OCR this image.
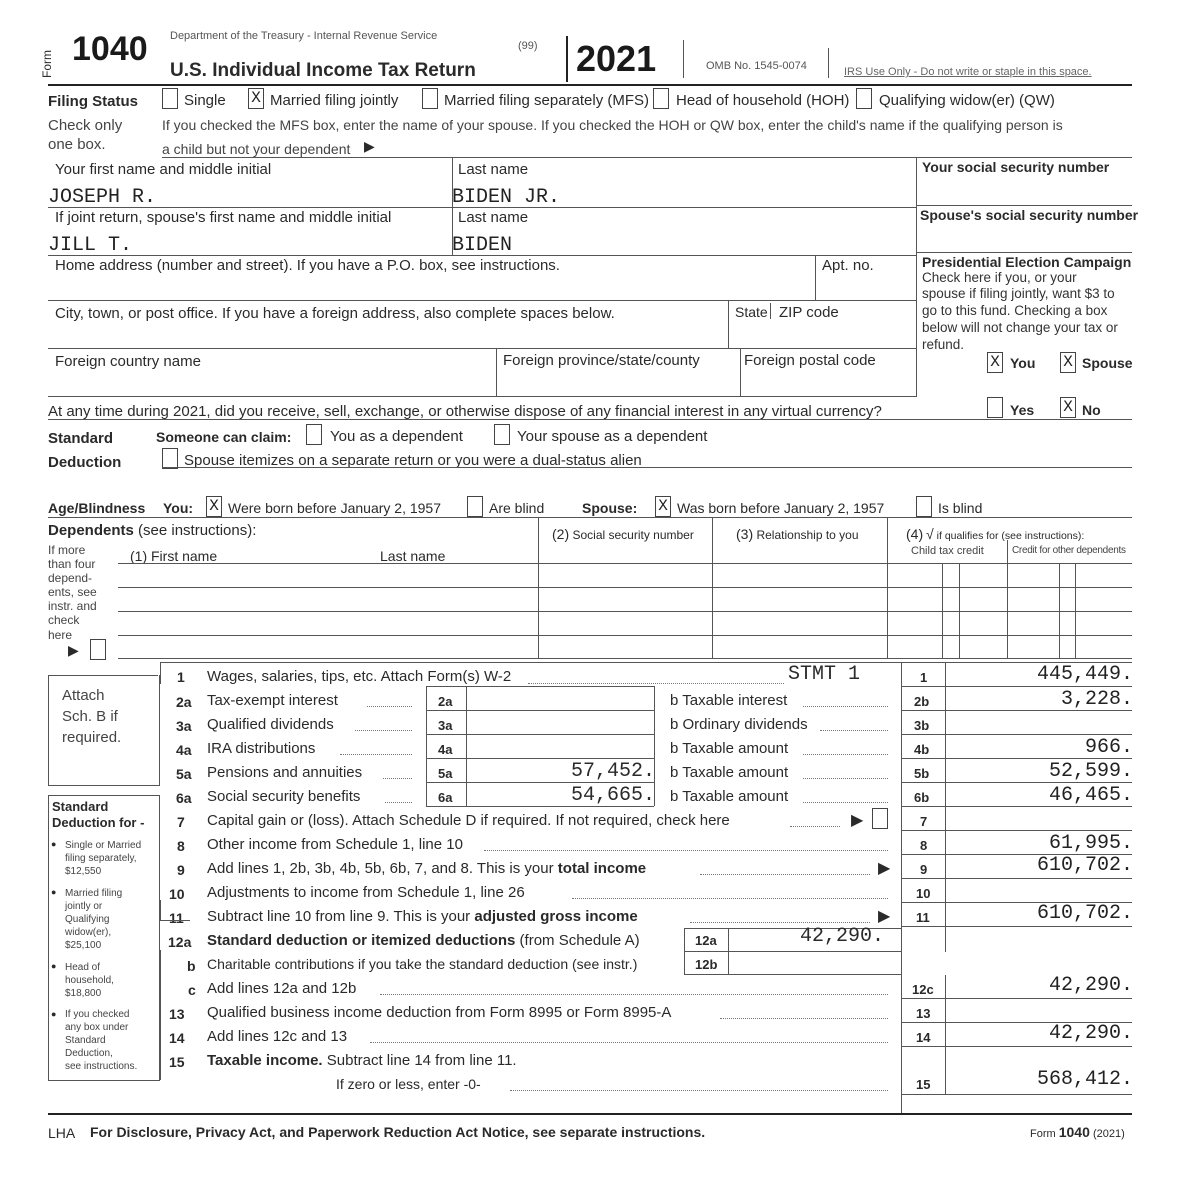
Form 1040 Department of the Treasury - Internal Revenue Service
U.S. Individual Income Tax Return
(99) 2021	OMB No. 1545-0074	IRS Use Only - Do not write or staple in this space.
Filing Status
Check only
one box.
Single X Married filing jointly	Married filing separately (MFS) Head of household (HOH) Qualifying widow(er) (QW)
If you checked the MFS box, enter the name of your spouse. If you checked the HOH or QW box, enter the child's name if the qualifying person is
a child but not your dependent ▶
Your first name and middle initial	Last name	Your social security number
JOSEPH R.	BIDEN JR.
If joint return, spouse's first name and middle initial	Last name	Spouse's social security number
JILL T.	BIDEN
Home address (number and street). If you have a P.O. box, see instructions.	Apt. no.
City, town, or post office. If you have a foreign address, also complete spaces below.	State ZIP code
Foreign country name	Foreign province/state/county	Foreign postal code
Presidential Election Campaign
Check here if you, or your
spouse if filing jointly, want $3 to
go to this fund. Checking a box
below will not change your tax or
refund.
X You X Spouse
At any time during 2021, did you receive, sell, exchange, or otherwise dispose of any financial interest in any virtual currency?	Yes X No
Standard
Deduction
Someone can claim:	You as a dependent	Your spouse as a dependent
Spouse itemizes on a separate return or you were a dual-status alien
Age/Blindness You: X Were born before January 2, 1957	Are blind	Spouse: X Was born before January 2, 1957	Is blind
Dependents (see instructions):
If more
than four
depend-
ents, see
instr. and
check
here
▶
(1) First name	Last name
(2) Social security number	(3) Relationship to you	(4) √ if qualifies for (see instructions):
Child tax credit	Credit for other dependents
Attach
Sch. B if
required.
Standard
Deduction for -
● Single or Married
filing separately,
$12,550
● Married filing
jointly or
Qualifying
widow(er),
$25,100
● Head of
household,
$18,800
● If you checked
any box under
Standard
Deduction,
see instructions.
1 Wages, salaries, tips, etc. Attach Form(s) W-2	STMT 1	1	445,449.
2a Tax-exempt interest	2a	b Taxable interest	2b	3,228.
3a Qualified dividends	3a	b Ordinary dividends	3b
4a IRA distributions	4a	b Taxable amount	4b	966.
5a Pensions and annuities	5a	57,452. b Taxable amount	5b	52,599.
6a Social security benefits	6a	54,665. b Taxable amount	6b	46,465.
7 Capital gain or (loss). Attach Schedule D if required. If not required, check here	▶	7
8 Other income from Schedule 1, line 10	8	61,995.
9 Add lines 1, 2b, 3b, 4b, 5b, 6b, 7, and 8. This is your total income	▶ 9	610,702.
10 Adjustments to income from Schedule 1, line 26	10
11 Subtract line 10 from line 9. This is your adjusted gross income	▶ 11	610,702.
12a Standard deduction or itemized deductions (from Schedule A)	12a	42,290.
b Charitable contributions if you take the standard deduction (see instr.)	12b
c Add lines 12a and 12b	12c	42,290.
13 Qualified business income deduction from Form 8995 or Form 8995-A	13
14 Add lines 12c and 13	14	42,290.
15 Taxable income. Subtract line 14 from line 11.
If zero or less, enter -0-	15	568,412.
LHA For Disclosure, Privacy Act, and Paperwork Reduction Act Notice, see separate instructions.	Form 1040 (2021)
